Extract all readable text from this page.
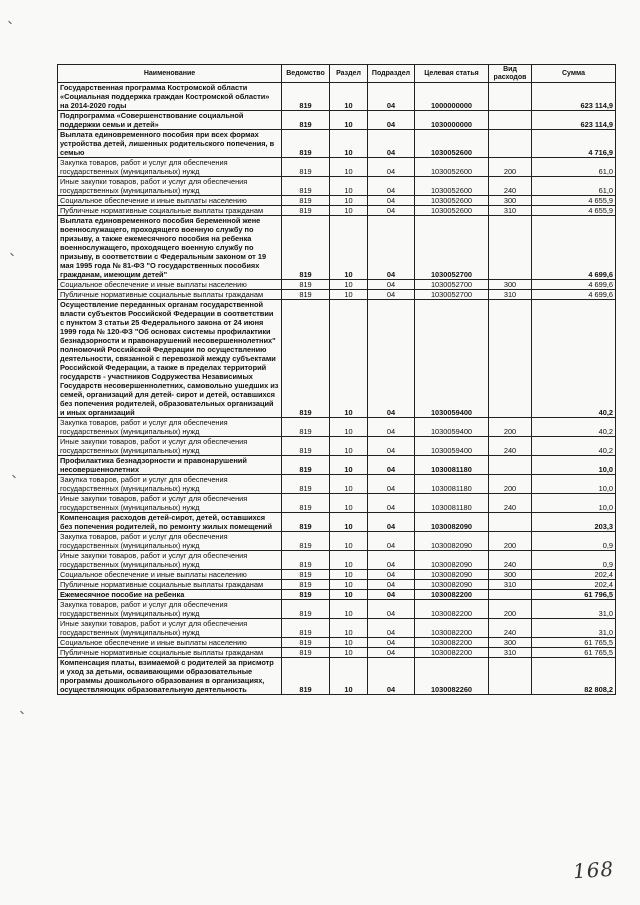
Наименование	Ведомство	Раздел	Подраздел	Целевая статья	Вид расходов	Сумма
Государственная программа Костромской области «Социальная поддержка граждан Костромской области» на 2014-2020 годы	819	10	04	1000000000		623 114,9
Подпрограмма «Совершенствование социальной поддержки семьи и детей»	819	10	04	1030000000		623 114,9
Выплата единовременного пособия при всех формах устройства детей, лишенных родительского попечения, в семью	819	10	04	1030052600		4 716,9
Закупка товаров, работ и услуг для обеспечения государственных (муниципальных) нужд	819	10	04	1030052600	200	61,0
Иные закупки товаров, работ и услуг для обеспечения государственных (муниципальных) нужд	819	10	04	1030052600	240	61,0
Социальное обеспечение и иные выплаты населению	819	10	04	1030052600	300	4 655,9
Публичные нормативные социальные выплаты гражданам	819	10	04	1030052600	310	4 655,9
Выплата единовременного пособия беременной жене военнослужащего, проходящего военную службу по призыву, а также ежемесячного пособия на ребенка военнослужащего, проходящего военную службу по призыву, в соответствии с Федеральным законом от 19 мая 1995 года № 81-ФЗ "О государственных пособиях гражданам, имеющим детей"	819	10	04	1030052700		4 699,6
Социальное обеспечение и иные выплаты населению	819	10	04	1030052700	300	4 699,6
Публичные нормативные социальные выплаты гражданам	819	10	04	1030052700	310	4 699,6
Осуществление переданных органам государственной власти субъектов Российской Федерации в соответствии с пунктом 3 статьи 25 Федерального закона от 24 июня 1999 года № 120-ФЗ "Об основах системы профилактики безнадзорности и правонарушений несовершеннолетних" полномочий Российской Федерации по осуществлению деятельности, связанной с перевозкой между субъектами Российской Федерации, а также в пределах территорий государств - участников Содружества Независимых Государств несовершеннолетних, самовольно ушедших из семей, организаций для детей- сирот и детей, оставшихся без попечения родителей, образовательных организаций и иных организаций	819	10	04	1030059400		40,2
Закупка товаров, работ и услуг для обеспечения государственных (муниципальных) нужд	819	10	04	1030059400	200	40,2
Иные закупки товаров, работ и услуг для обеспечения государственных (муниципальных) нужд	819	10	04	1030059400	240	40,2
Профилактика безнадзорности и правонарушений несовершеннолетних	819	10	04	1030081180		10,0
Закупка товаров, работ и услуг для обеспечения государственных (муниципальных) нужд	819	10	04	1030081180	200	10,0
Иные закупки товаров, работ и услуг для обеспечения государственных (муниципальных) нужд	819	10	04	1030081180	240	10,0
Компенсация расходов детей-сирот, детей, оставшихся без попечения родителей, по ремонту жилых помещений	819	10	04	1030082090		203,3
Закупка товаров, работ и услуг для обеспечения государственных (муниципальных) нужд	819	10	04	1030082090	200	0,9
Иные закупки товаров, работ и услуг для обеспечения государственных (муниципальных) нужд	819	10	04	1030082090	240	0,9
Социальное обеспечение и иные выплаты населению	819	10	04	1030082090	300	202,4
Публичные нормативные социальные выплаты гражданам	819	10	04	1030082090	310	202,4
Ежемесячное пособие на ребенка	819	10	04	1030082200		61 796,5
Закупка товаров, работ и услуг для обеспечения государственных (муниципальных) нужд	819	10	04	1030082200	200	31,0
Иные закупки товаров, работ и услуг для обеспечения государственных (муниципальных) нужд	819	10	04	1030082200	240	31,0
Социальное обеспечение и иные выплаты населению	819	10	04	1030082200	300	61 765,5
Публичные нормативные социальные выплаты гражданам	819	10	04	1030082200	310	61 765,5
Компенсация платы, взимаемой с родителей за присмотр и уход за детьми, осваивающими образовательные программы дошкольного образования в организациях, осуществляющих образовательную деятельность	819	10	04	1030082260		82 808,2
168
